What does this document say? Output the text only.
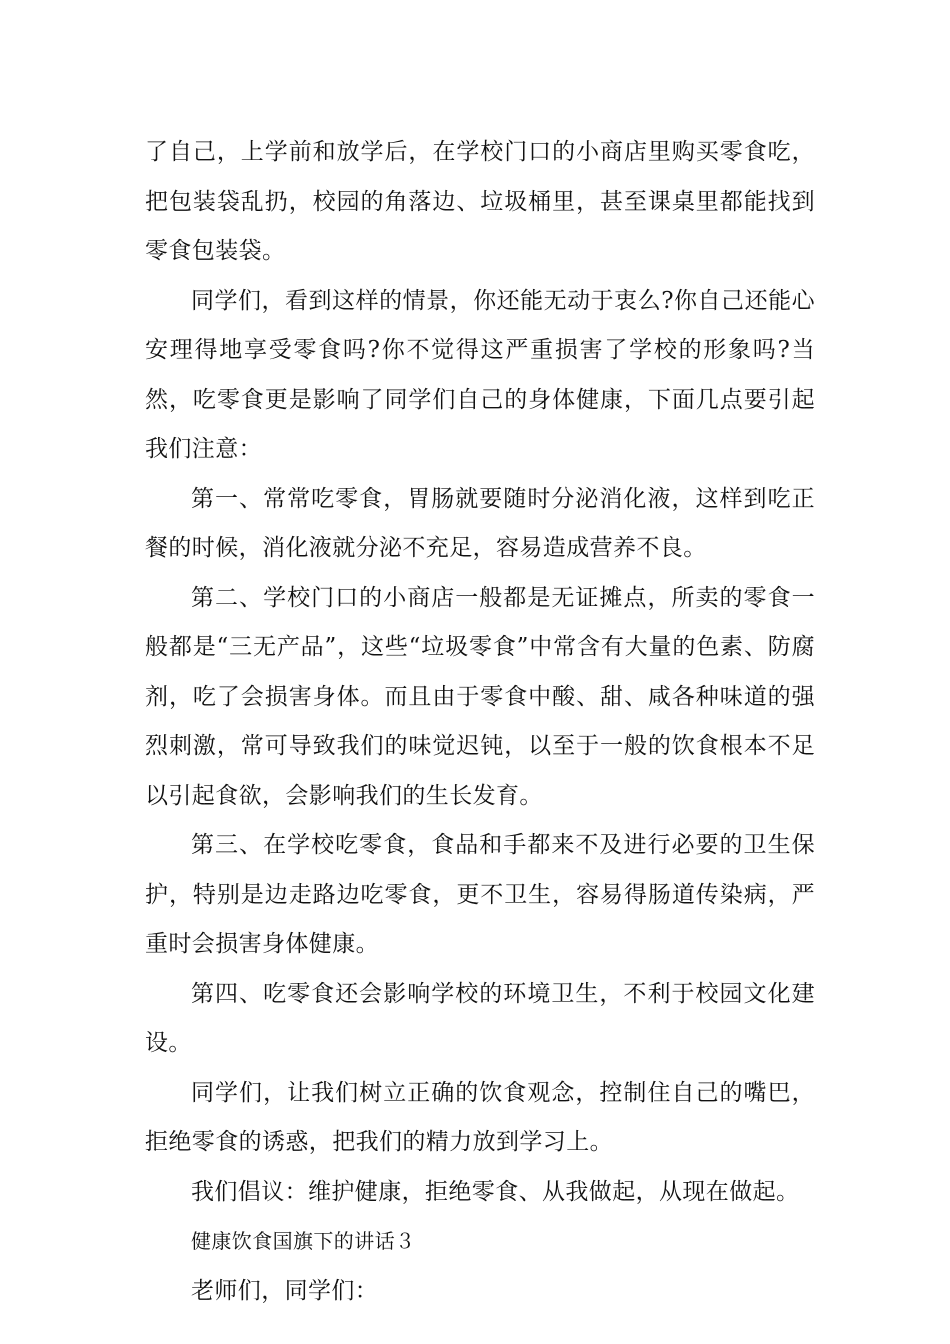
了自己，上学前和放学后，在学校门口的小商店里购买零食吃，把包装袋乱扔，校园的角落边、垃圾桶里，甚至课桌里都能找到零食包装袋。

同学们，看到这样的情景，你还能无动于衷么?你自己还能心安理得地享受零食吗?你不觉得这严重损害了学校的形象吗?当然，吃零食更是影响了同学们自己的身体健康，下面几点要引起我们注意：

第一、常常吃零食，胃肠就要随时分泌消化液，这样到吃正餐的时候，消化液就分泌不充足，容易造成营养不良。

第二、学校门口的小商店一般都是无证摊点，所卖的零食一般都是“三无产品”，这些“垃圾零食”中常含有大量的色素、防腐剂，吃了会损害身体。而且由于零食中酸、甜、咸各种味道的强烈刺激，常可导致我们的味觉迟钝，以至于一般的饮食根本不足以引起食欲，会影响我们的生长发育。

第三、在学校吃零食，食品和手都来不及进行必要的卫生保护，特别是边走路边吃零食，更不卫生，容易得肠道传染病，严重时会损害身体健康。

第四、吃零食还会影响学校的环境卫生，不利于校园文化建设。

同学们，让我们树立正确的饮食观念，控制住自己的嘴巴，拒绝零食的诱惑，把我们的精力放到学习上。

我们倡议：维护健康，拒绝零食、从我做起，从现在做起。

健康饮食国旗下的讲话３

老师们，同学们：
